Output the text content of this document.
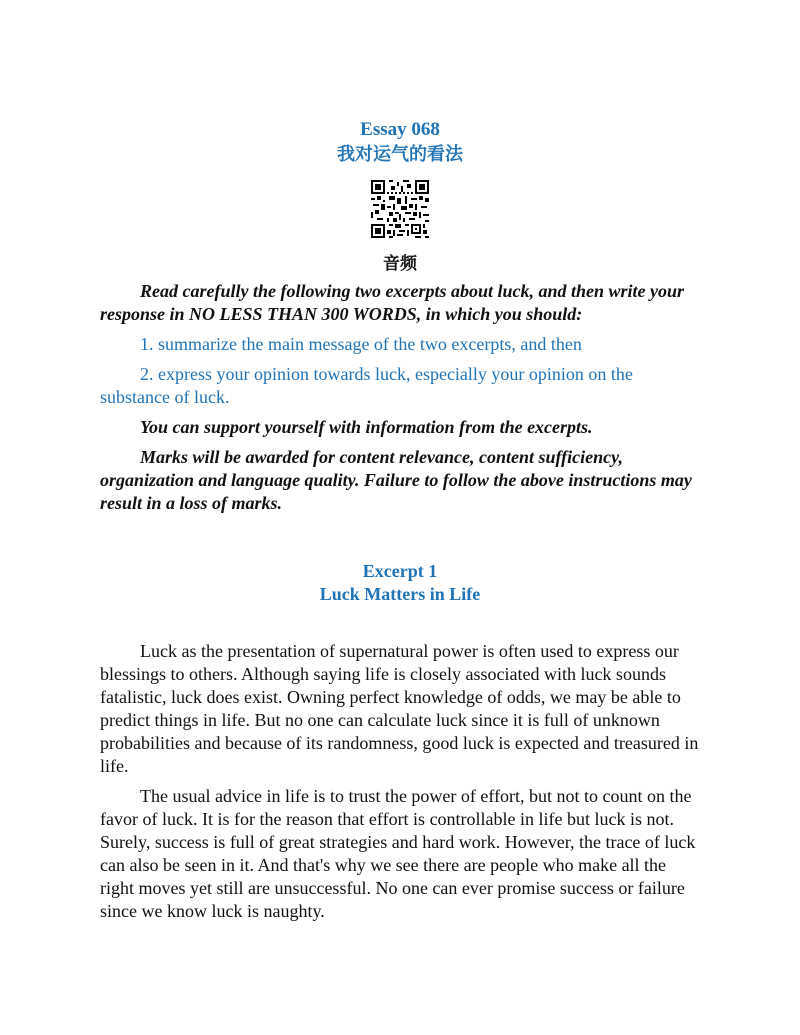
Essay 068
我对运气的看法
音频

Read carefully the following two excerpts about luck, and then write your response in NO LESS THAN 300 WORDS, in which you should:

1. summarize the main message of the two excerpts, and then

2. express your opinion towards luck, especially your opinion on the substance of luck.

You can support yourself with information from the excerpts.

Marks will be awarded for content relevance, content sufficiency, organization and language quality. Failure to follow the above instructions may result in a loss of marks.

Excerpt 1
Luck Matters in Life

Luck as the presentation of supernatural power is often used to express our blessings to others. Although saying life is closely associated with luck sounds fatalistic, luck does exist. Owning perfect knowledge of odds, we may be able to predict things in life. But no one can calculate luck since it is full of unknown probabilities and because of its randomness, good luck is expected and treasured in life.

The usual advice in life is to trust the power of effort, but not to count on the favor of luck. It is for the reason that effort is controllable in life but luck is not. Surely, success is full of great strategies and hard work. However, the trace of luck can also be seen in it. And that's why we see there are people who make all the right moves yet still are unsuccessful. No one can ever promise success or failure since we know luck is naughty.
